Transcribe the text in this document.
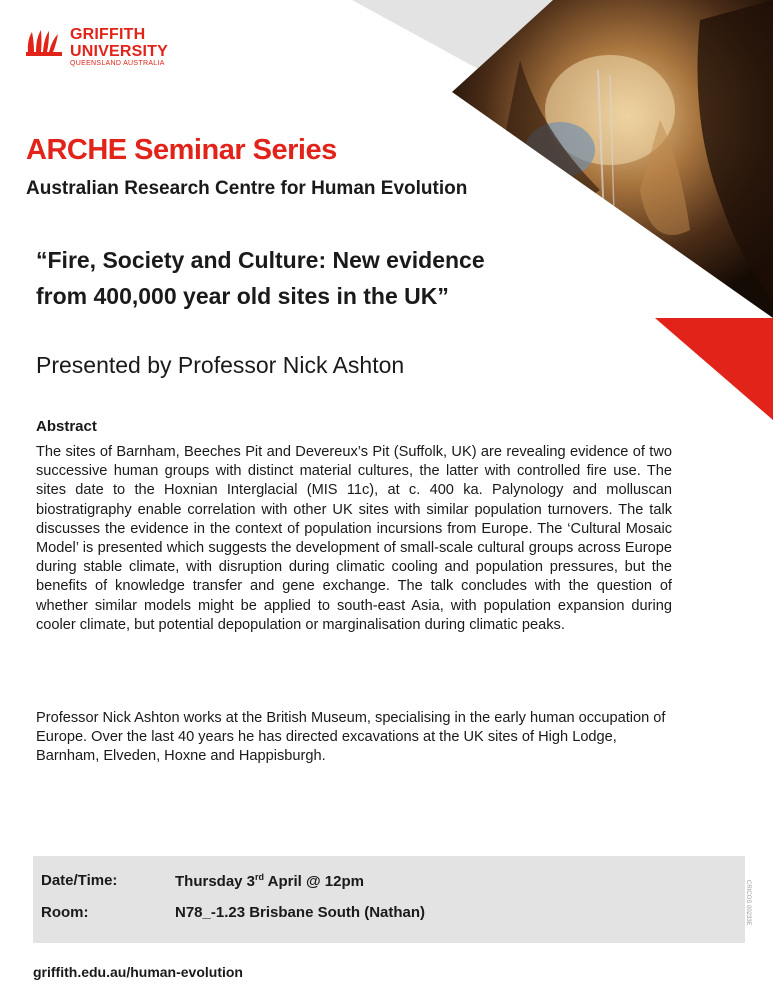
GRIFFITH
UNIVERSITY
QUEENSLAND AUSTRALIA
ARCHE Seminar Series
Australian Research Centre for Human Evolution
“Fire, Society and Culture: New evidence
from 400,000 year old sites in the UK”
Presented by Professor Nick Ashton
Abstract
The sites of Barnham, Beeches Pit and Devereux’s Pit (Suffolk, UK) are revealing evidence of two successive human groups with distinct material cultures, the latter with controlled fire use. The sites date to the Hoxnian Interglacial (MIS 11c), at c. 400 ka. Palynology and molluscan biostratigraphy enable correlation with other UK sites with similar population turnovers. The talk discusses the evidence in the context of population incursions from Europe. The ‘Cultural Mosaic Model’ is presented which suggests the development of small-scale cultural groups across Europe during stable climate, with disruption during climatic cooling and population pressures, but the benefits of knowledge transfer and gene exchange. The talk concludes with the question of whether similar models might be applied to south-east Asia, with population expansion during cooler climate, but potential depopulation or marginalisation during climatic peaks.
Professor Nick Ashton works at the British Museum, specialising in the early human occupation of Europe. Over the last 40 years he has directed excavations at the UK sites of High Lodge, Barnham, Elveden, Hoxne and Happisburgh.
Date/Time:	Thursday 3rd April @ 12pm
Room:	N78_-1.23 Brisbane South (Nathan)	CRICOS 00233E
griffith.edu.au/human-evolution
